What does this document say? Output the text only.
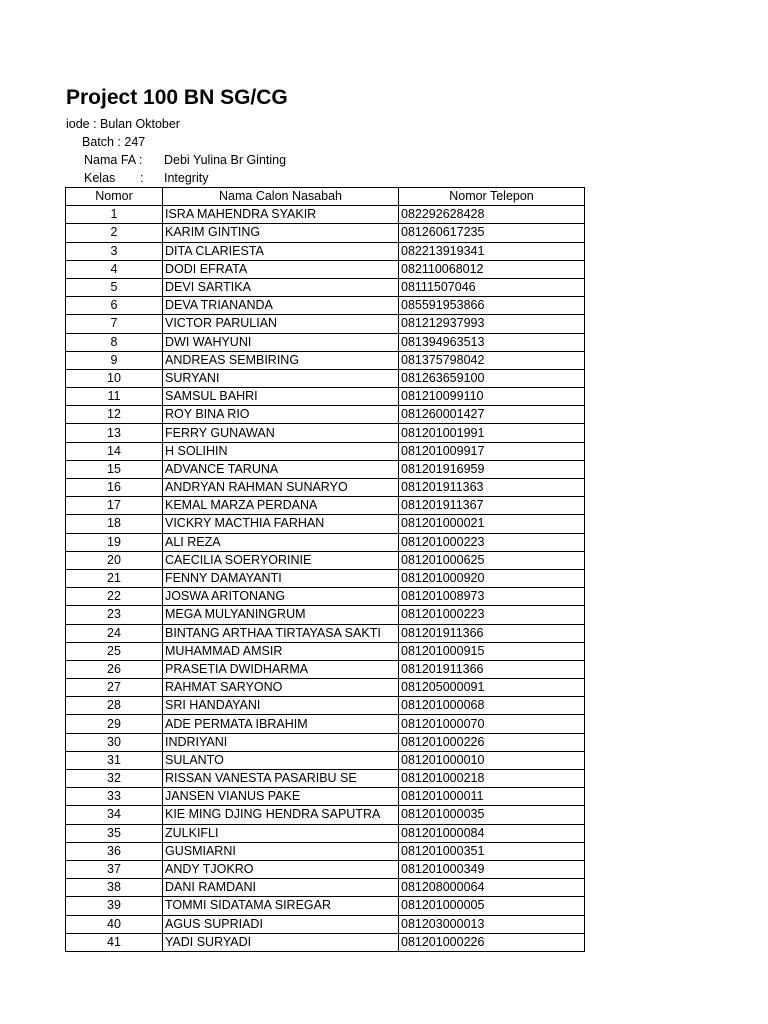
Project 100 BN SG/CG
iode : Bulan Oktober
Batch : 247
Nama FA : Debi Yulina Br Ginting
Kelas : Integrity
Nomor	Nama Calon Nasabah	Nomor Telepon
1	ISRA MAHENDRA SYAKIR	082292628428
2	KARIM GINTING	081260617235
3	DITA CLARIESTA	082213919341
4	DODI EFRATA	082110068012
5	DEVI SARTIKA	08111507046
6	DEVA TRIANANDA	085591953866
7	VICTOR PARULIAN	081212937993
8	DWI WAHYUNI	081394963513
9	ANDREAS SEMBIRING	081375798042
10	SURYANI	081263659100
11	SAMSUL BAHRI	081210099110
12	ROY BINA RIO	081260001427
13	FERRY GUNAWAN	081201001991
14	H SOLIHIN	081201009917
15	ADVANCE TARUNA	081201916959
16	ANDRYAN RAHMAN SUNARYO	081201911363
17	KEMAL MARZA PERDANA	081201911367
18	VICKRY MACTHIA FARHAN	081201000021
19	ALI REZA	081201000223
20	CAECILIA SOERYORINIE	081201000625
21	FENNY DAMAYANTI	081201000920
22	JOSWA ARITONANG	081201008973
23	MEGA MULYANINGRUM	081201000223
24	BINTANG ARTHAA TIRTAYASA SAKTI	081201911366
25	MUHAMMAD AMSIR	081201000915
26	PRASETIA DWIDHARMA	081201911366
27	RAHMAT SARYONO	081205000091
28	SRI HANDAYANI	081201000068
29	ADE PERMATA IBRAHIM	081201000070
30	INDRIYANI	081201000226
31	SULANTO	081201000010
32	RISSAN VANESTA PASARIBU SE	081201000218
33	JANSEN VIANUS PAKE	081201000011
34	KIE MING DJING HENDRA SAPUTRA	081201000035
35	ZULKIFLI	081201000084
36	GUSMIARNI	081201000351
37	ANDY TJOKRO	081201000349
38	DANI RAMDANI	081208000064
39	TOMMI SIDATAMA SIREGAR	081201000005
40	AGUS SUPRIADI	081203000013
41	YADI SURYADI	081201000226
